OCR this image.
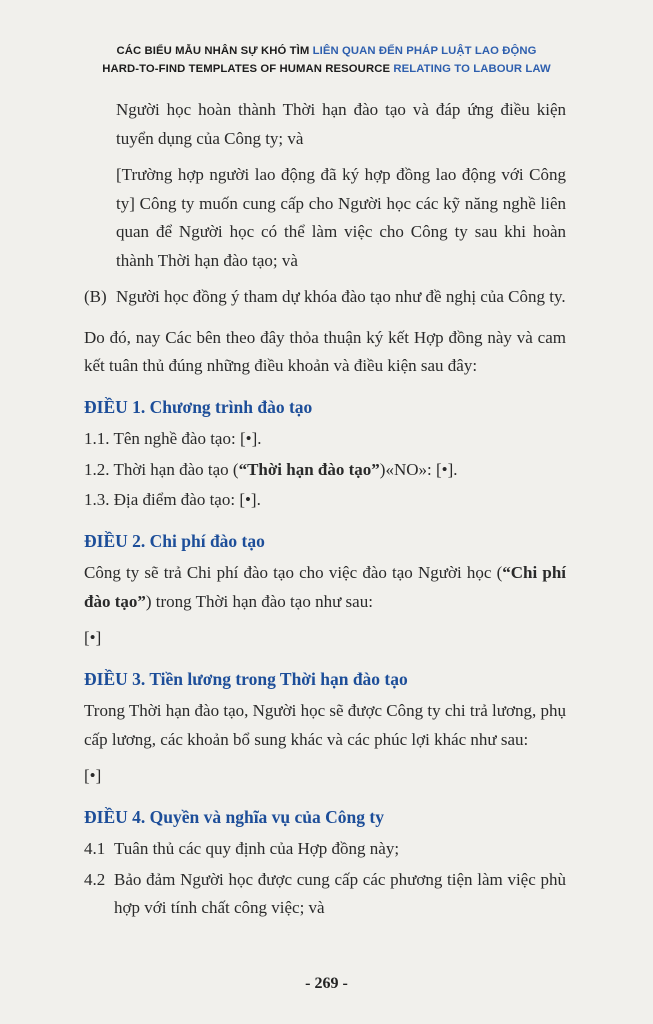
CÁC BIỂU MẪU NHÂN SỰ KHÓ TÌM LIÊN QUAN ĐẾN PHÁP LUẬT LAO ĐỘNG
HARD-TO-FIND TEMPLATES OF HUMAN RESOURCE RELATING TO LABOUR LAW

Người học hoàn thành Thời hạn đào tạo và đáp ứng điều kiện tuyển dụng của Công ty; và

[Trường hợp người lao động đã ký hợp đồng lao động với Công ty] Công ty muốn cung cấp cho Người học các kỹ năng nghề liên quan để Người học có thể làm việc cho Công ty sau khi hoàn thành Thời hạn đào tạo; và

(B) Người học đồng ý tham dự khóa đào tạo như đề nghị của Công ty.

Do đó, nay Các bên theo đây thỏa thuận ký kết Hợp đồng này và cam kết tuân thủ đúng những điều khoản và điều kiện sau đây:

ĐIỀU 1. Chương trình đào tạo

1.1. Tên nghề đào tạo: [•].

1.2. Thời hạn đào tạo (“Thời hạn đào tạo”)«NO»: [•].

1.3. Địa điểm đào tạo: [•].

ĐIỀU 2. Chi phí đào tạo

Công ty sẽ trả Chi phí đào tạo cho việc đào tạo Người học (“Chi phí đào tạo”) trong Thời hạn đào tạo như sau:

[•]

ĐIỀU 3. Tiền lương trong Thời hạn đào tạo

Trong Thời hạn đào tạo, Người học sẽ được Công ty chi trả lương, phụ cấp lương, các khoản bổ sung khác và các phúc lợi khác như sau:

[•]

ĐIỀU 4. Quyền và nghĩa vụ của Công ty
4.1 Tuân thủ các quy định của Hợp đồng này;
4.2 Bảo đảm Người học được cung cấp các phương tiện làm việc phù hợp với tính chất công việc; và
- 269 -
